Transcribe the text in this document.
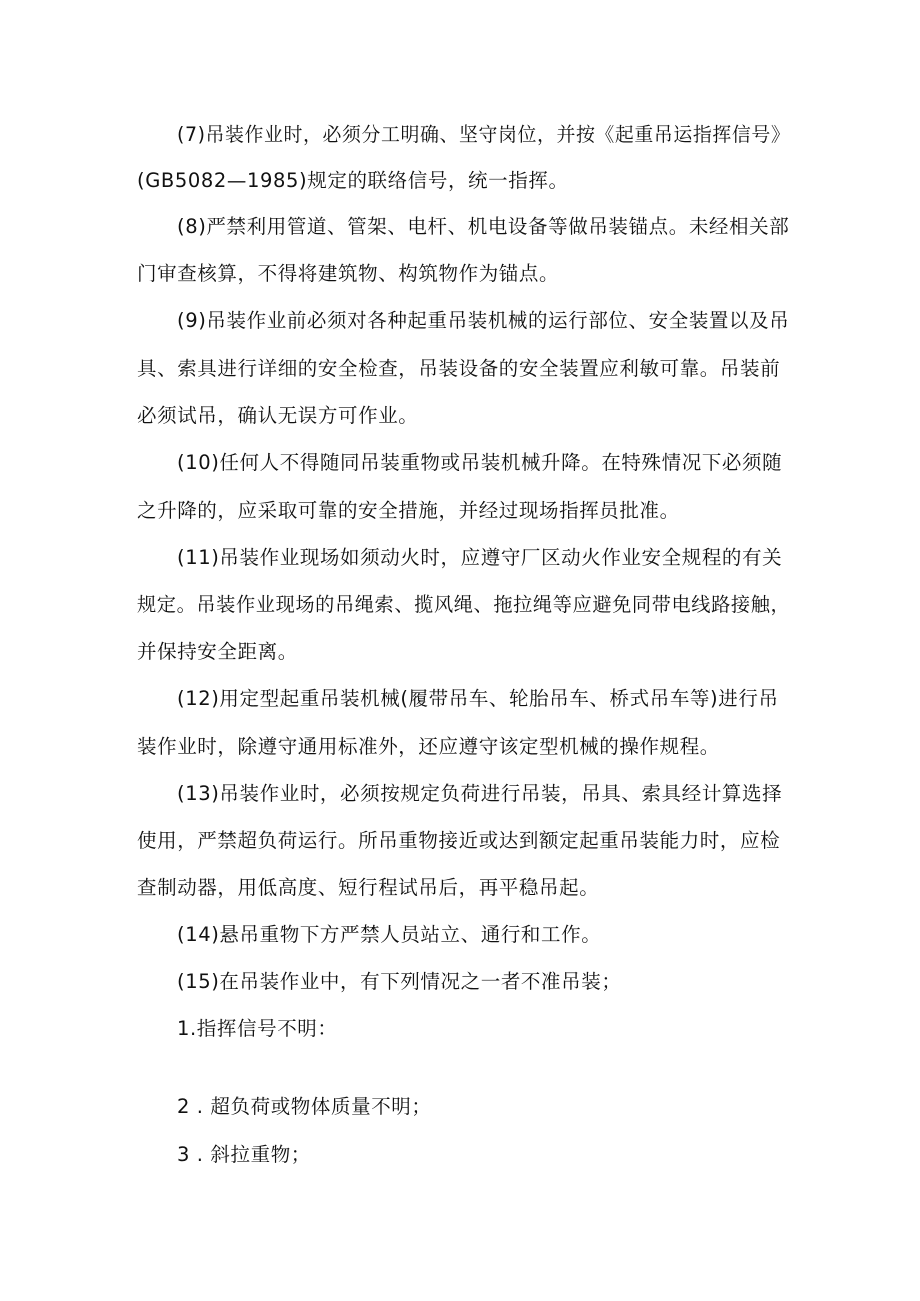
(7)吊装作业时，必须分工明确、坚守岗位，并按《起重吊运指挥信号》
(GB5082—1985)规定的联络信号，统一指挥。
(8)严禁利用管道、管架、电杆、机电设备等做吊装锚点。未经相关部
门审查核算，不得将建筑物、构筑物作为锚点。
(9)吊装作业前必须对各种起重吊装机械的运行部位、安全装置以及吊
具、索具进行详细的安全检查，吊装设备的安全装置应利敏可靠。吊装前
必须试吊，确认无误方可作业。
(10)任何人不得随同吊装重物或吊装机械升降。在特殊情况下必须随
之升降的，应采取可靠的安全措施，并经过现场指挥员批准。
(11)吊装作业现场如须动火时，应遵守厂区动火作业安全规程的有关
规定。吊装作业现场的吊绳索、揽风绳、拖拉绳等应避免同带电线路接触，
并保持安全距离。
(12)用定型起重吊装机械(履带吊车、轮胎吊车、桥式吊车等)进行吊
装作业时，除遵守通用标准外，还应遵守该定型机械的操作规程。
(13)吊装作业时，必须按规定负荷进行吊装，吊具、索具经计算选择
使用，严禁超负荷运行。所吊重物接近或达到额定起重吊装能力时，应检
查制动器，用低高度、短行程试吊后，再平稳吊起。
(14)悬吊重物下方严禁人员站立、通行和工作。
(15)在吊装作业中，有下列情况之一者不准吊装；
1.指挥信号不明：
2 . 超负荷或物体质量不明；
3 . 斜拉重物；
